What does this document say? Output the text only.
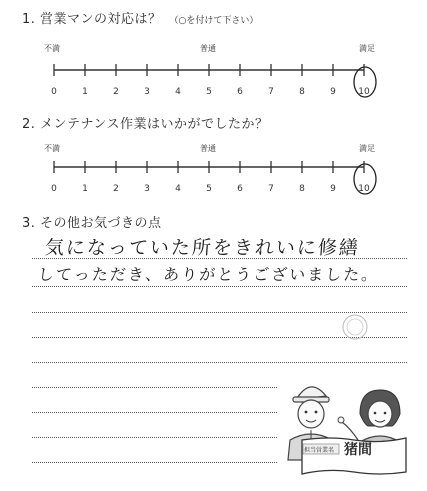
1. 営業マンの対応は？ （○を付けて下さい）
不満	普通	満足
0	1	2	3	4	5	6	7	8	9 10
2. メンテナンス作業はいかがでしたか？
不満	普通	満足
0	1	2	3	4	5	6	7	8	9 10
3. その他お気づきの点
気になっていた所をきれいに修繕
してっただき、ありがとうございました。
担当営業名 猪間
